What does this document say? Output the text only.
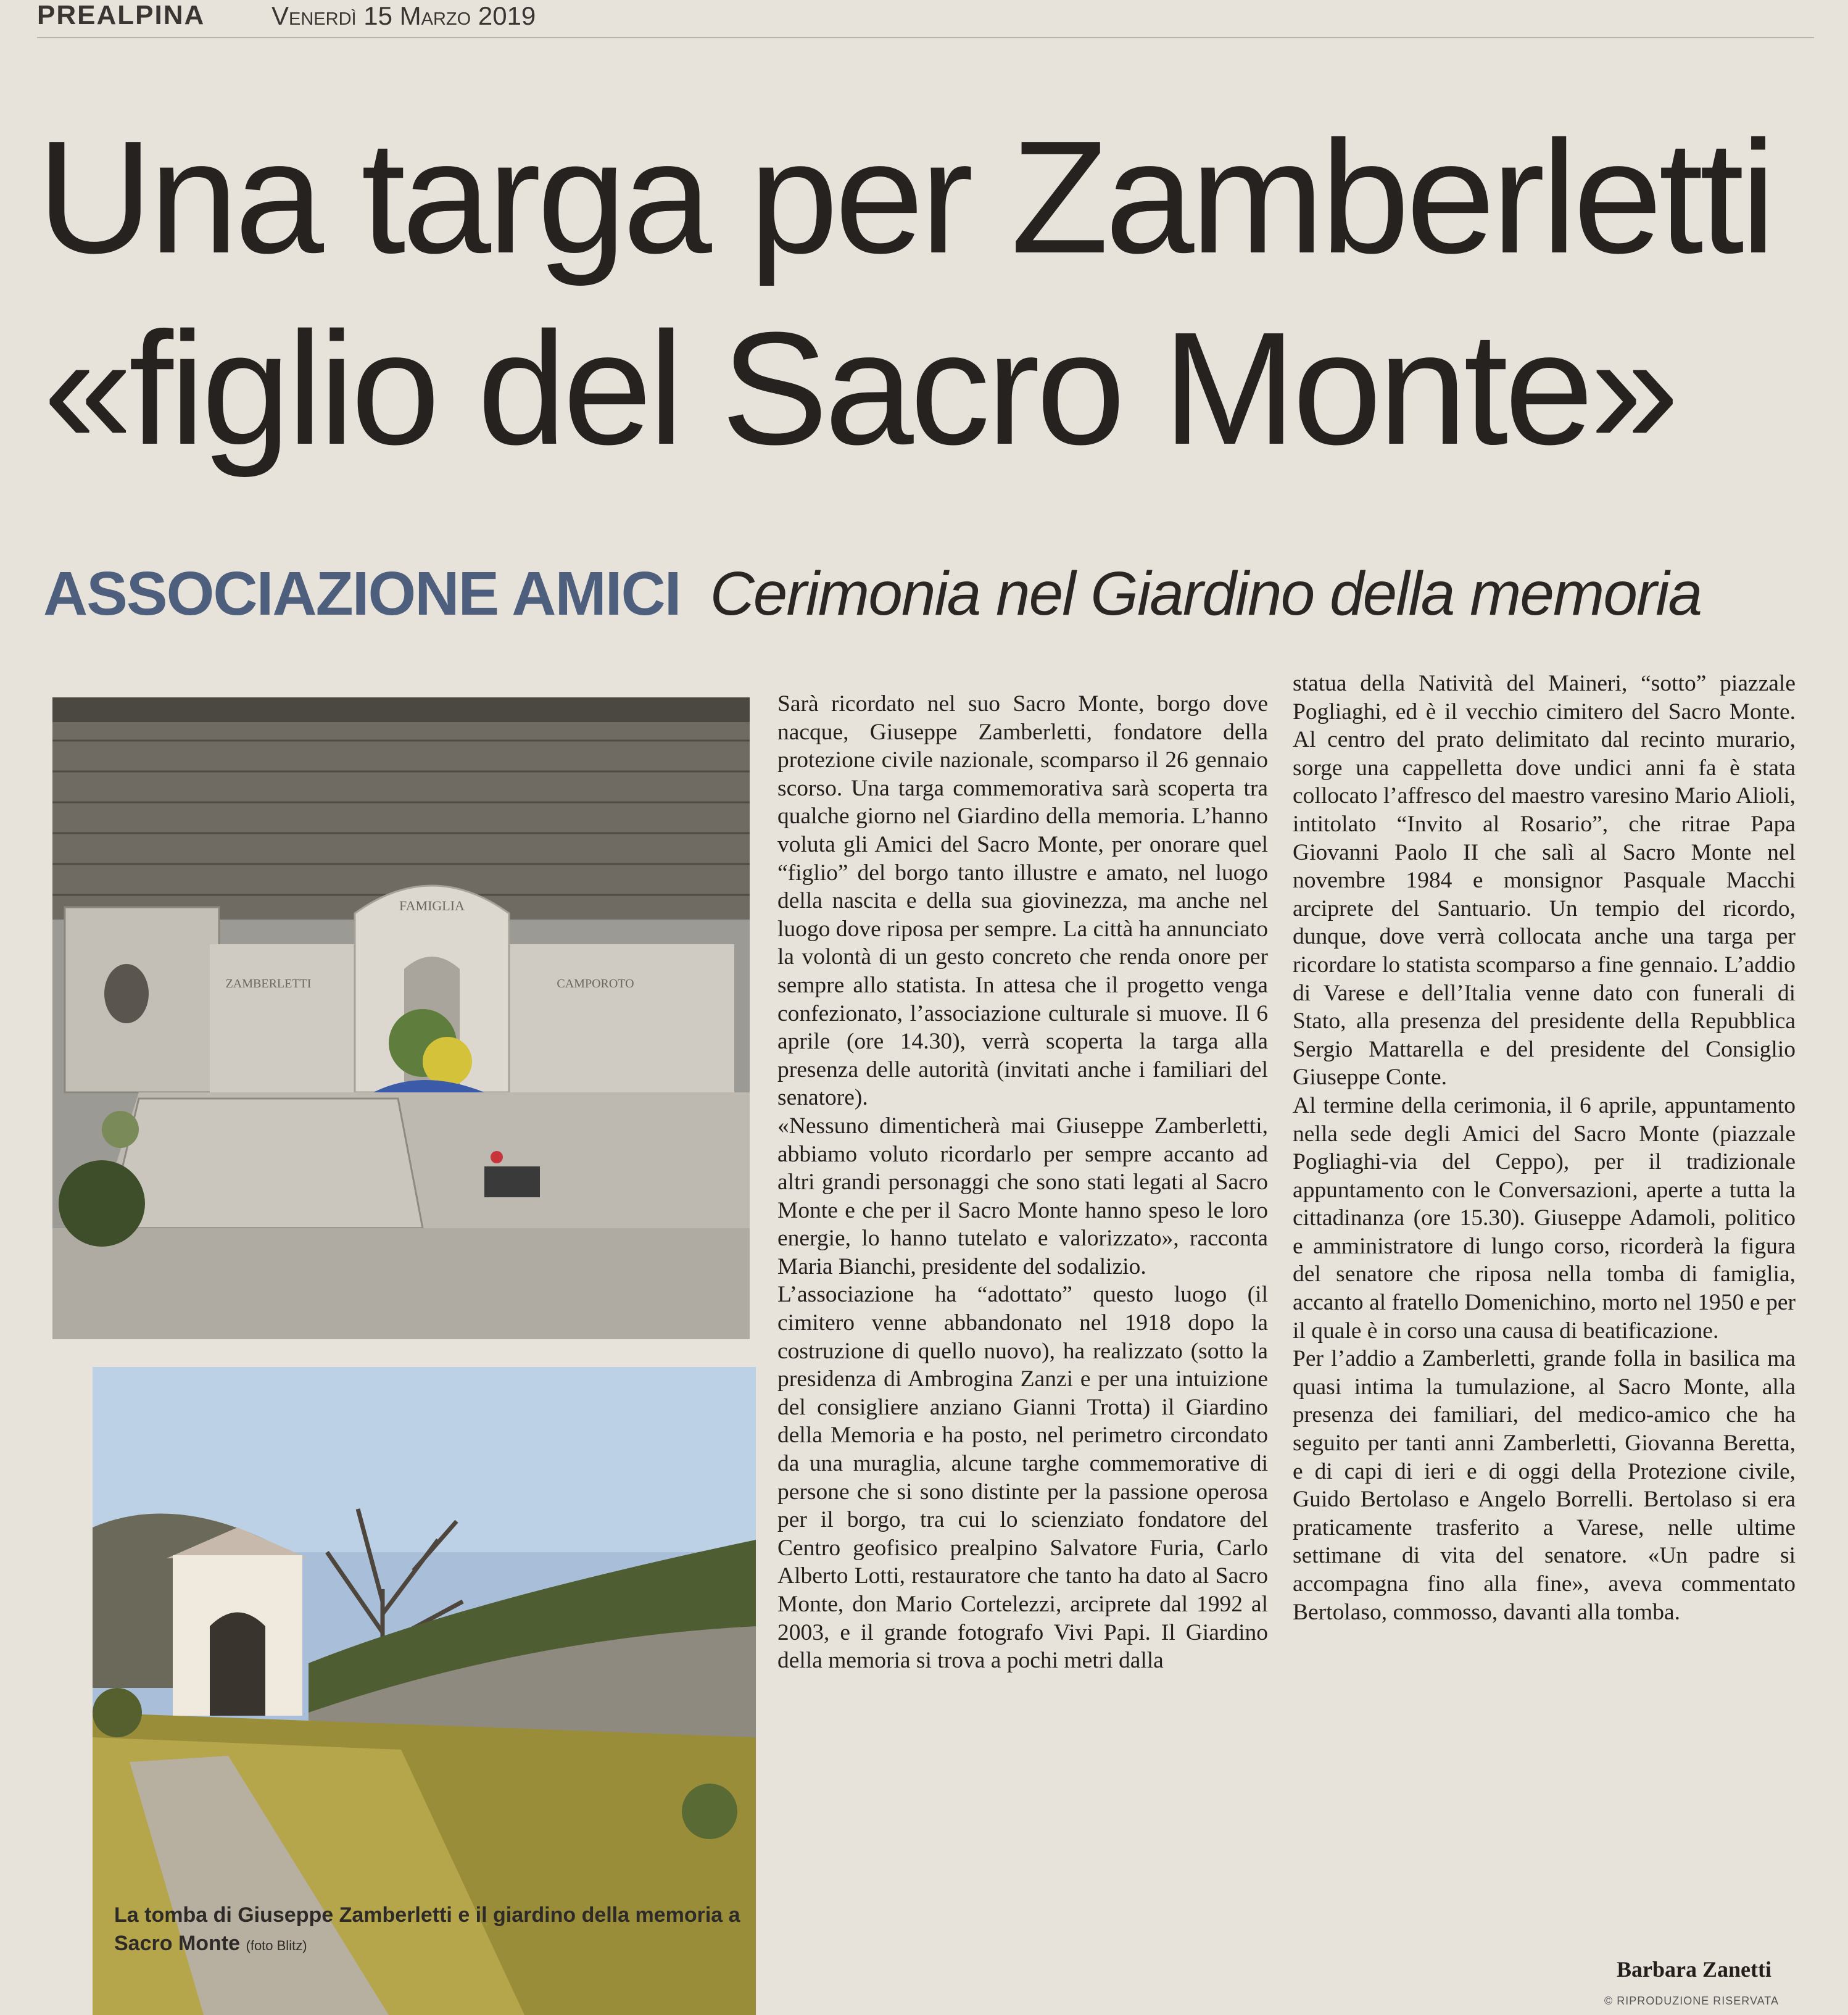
PREALPINA	Venerdì 15 Marzo 2019
Una targa per Zamberletti
«figlio del Sacro Monte»
ASSOCIAZIONE AMICI Cerimonia nel Giardino della memoria
FAMIGLIA
ZAMBERLETTI	CAMPOROTO
La tomba di Giuseppe Zamberletti e il giardino della memoria a Sacro Monte (foto Blitz)

Sarà ricordato nel suo Sacro Monte, borgo dove nacque, Giuseppe Zamberletti, fondatore della protezione civile nazionale, scomparso il 26 gennaio scorso. Una targa commemorativa sarà scoperta tra qualche giorno nel Giardino della memoria. L’hanno voluta gli Amici del Sacro Monte, per onorare quel “figlio” del borgo tanto illustre e amato, nel luogo della nascita e della sua giovinezza, ma anche nel luogo dove riposa per sempre. La città ha annunciato la volontà di un gesto concreto che renda onore per sempre allo statista. In attesa che il progetto venga confezionato, l’associazione culturale si muove. Il 6 aprile (ore 14.30), verrà scoperta la targa alla presenza delle autorità (invitati anche i familiari del senatore).

«Nessuno dimenticherà mai Giuseppe Zamberletti, abbiamo voluto ricordarlo per sempre accanto ad altri grandi personaggi che sono stati legati al Sacro Monte e che per il Sacro Monte hanno speso le loro energie, lo hanno tutelato e valorizzato», racconta Maria Bianchi, presidente del sodalizio.

L’associazione ha “adottato” questo luogo (il cimitero venne abbandonato nel 1918 dopo la costruzione di quello nuovo), ha realizzato (sotto la presidenza di Ambrogina Zanzi e per una intuizione del consigliere anziano Gianni Trotta) il Giardino della Memoria e ha posto, nel perimetro circondato da una muraglia, alcune targhe commemorative di persone che si sono distinte per la passione operosa per il borgo, tra cui lo scienziato fondatore del Centro geofisico prealpino Salvatore Furia, Carlo Alberto Lotti, restauratore che tanto ha dato al Sacro Monte, don Mario Cortelezzi, arciprete dal 1992 al 2003, e il grande fotografo Vivi Papi. Il Giardino della memoria si trova a pochi metri dalla

statua della Natività del Maineri, “sotto” piazzale Pogliaghi, ed è il vecchio cimitero del Sacro Monte. Al centro del prato delimitato dal recinto murario, sorge una cappelletta dove undici anni fa è stata collocato l’affresco del maestro varesino Mario Alioli, intitolato “Invito al Rosario”, che ritrae Papa Giovanni Paolo II che salì al Sacro Monte nel novembre 1984 e monsignor Pasquale Macchi arciprete del Santuario. Un tempio del ricordo, dunque, dove verrà collocata anche una targa per ricordare lo statista scomparso a fine gennaio. L’addio di Varese e dell’Italia venne dato con funerali di Stato, alla presenza del presidente della Repubblica Sergio Mattarella e del presidente del Consiglio Giuseppe Conte.

Al termine della cerimonia, il 6 aprile, appuntamento nella sede degli Amici del Sacro Monte (piazzale Pogliaghi-via del Ceppo), per il tradizionale appuntamento con le Conversazioni, aperte a tutta la cittadinanza (ore 15.30). Giuseppe Adamoli, politico e amministratore di lungo corso, ricorderà la figura del senatore che riposa nella tomba di famiglia, accanto al fratello Domenichino, morto nel 1950 e per il quale è in corso una causa di beatificazione.

Per l’addio a Zamberletti, grande folla in basilica ma quasi intima la tumulazione, al Sacro Monte, alla presenza dei familiari, del medico-amico che ha seguito per tanti anni Zamberletti, Giovanna Beretta, e di capi di ieri e di oggi della Protezione civile, Guido Bertolaso e Angelo Borrelli. Bertolaso si era praticamente trasferito a Varese, nelle ultime settimane di vita del senatore. «Un padre si accompagna fino alla fine», aveva commentato Bertolaso, commosso, davanti alla tomba.

Barbara Zanetti
© RIPRODUZIONE RISERVATA
